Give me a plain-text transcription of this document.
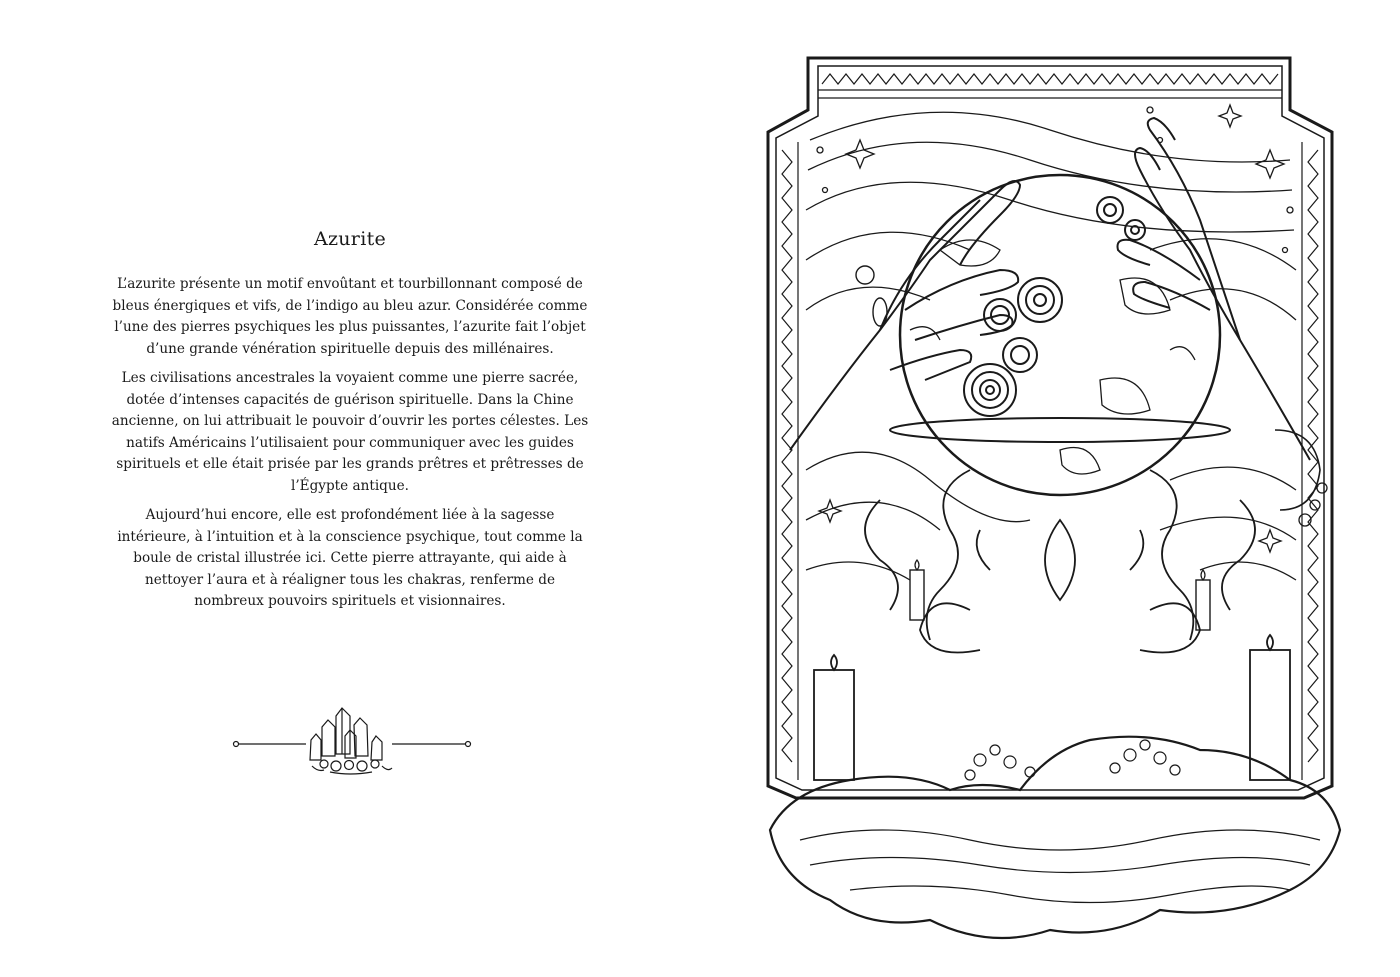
Azurite

L’azurite présente un motif envoûtant et tourbillonnant composé de bleus énergiques et vifs, de l’indigo au bleu azur. Considérée comme l’une des pierres psychiques les plus puissantes, l’azurite fait l’objet d’une grande vénération spirituelle depuis des millénaires.

Les civilisations ancestrales la voyaient comme une pierre sacrée, dotée d’intenses capacités de guérison spirituelle. Dans la Chine ancienne, on lui attribuait le pouvoir d’ouvrir les portes célestes. Les natifs Américains l’utilisaient pour communiquer avec les guides spirituels et elle était prisée par les grands prêtres et prêtresses de l’Égypte antique.

Aujourd’hui encore, elle est profondément liée à la sagesse intérieure, à l’intuition et à la conscience psychique, tout comme la boule de cristal illustrée ici. Cette pierre attrayante, qui aide à nettoyer l’aura et à réaligner tous les chakras, renferme de nombreux pouvoirs spirituels et visionnaires.
